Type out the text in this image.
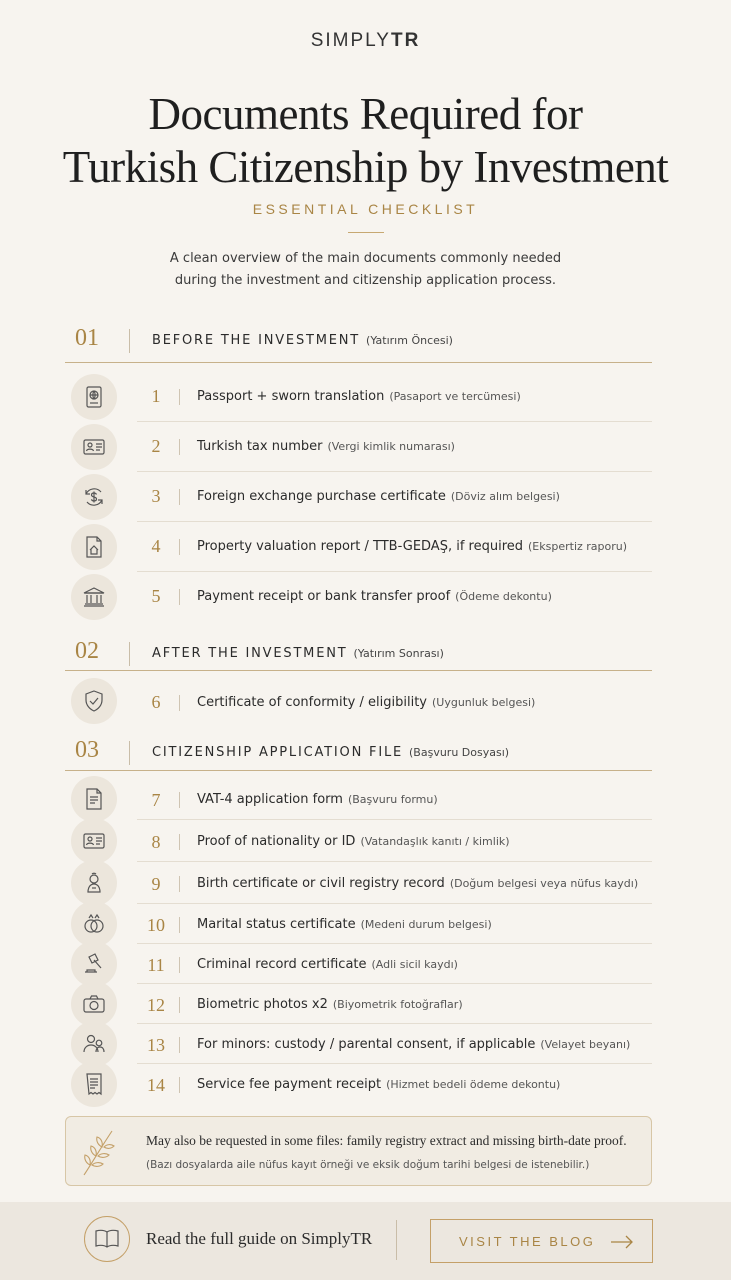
SIMPLYTR
Documents Required for
Turkish Citizenship by Investment
ESSENTIAL CHECKLIST
A clean overview of the main documents commonly needed
during the investment and citizenship application process.
01	BEFORE THE INVESTMENT (Yatırım Öncesi)
1	Passport + sworn translation (Pasaport ve tercümesi)
2	Turkish tax number (Vergi kimlik numarası)
3	Foreign exchange purchase certificate (Döviz alım belgesi)
4	Property valuation report / TTB-GEDAŞ, if required (Ekspertiz raporu)
5	Payment receipt or bank transfer proof (Ödeme dekontu)
02	AFTER THE INVESTMENT (Yatırım Sonrası)
6	Certificate of conformity / eligibility (Uygunluk belgesi)
03	CITIZENSHIP APPLICATION FILE (Başvuru Dosyası)
7	VAT-4 application form (Başvuru formu)
8	Proof of nationality or ID (Vatandaşlık kanıtı / kimlik)
9	Birth certificate or civil registry record (Doğum belgesi veya nüfus kaydı)
10	Marital status certificate (Medeni durum belgesi)
11	Criminal record certificate (Adli sicil kaydı)
12	Biometric photos x2 (Biyometrik fotoğraflar)
13	For minors: custody / parental consent, if applicable (Velayet beyanı)
14	Service fee payment receipt (Hizmet bedeli ödeme dekontu)
May also be requested in some files: family registry extract and missing birth-date proof.
(Bazı dosyalarda aile nüfus kayıt örneği ve eksik doğum tarihi belgesi de istenebilir.)
Read the full guide on SimplyTR	VISIT THE BLOG
